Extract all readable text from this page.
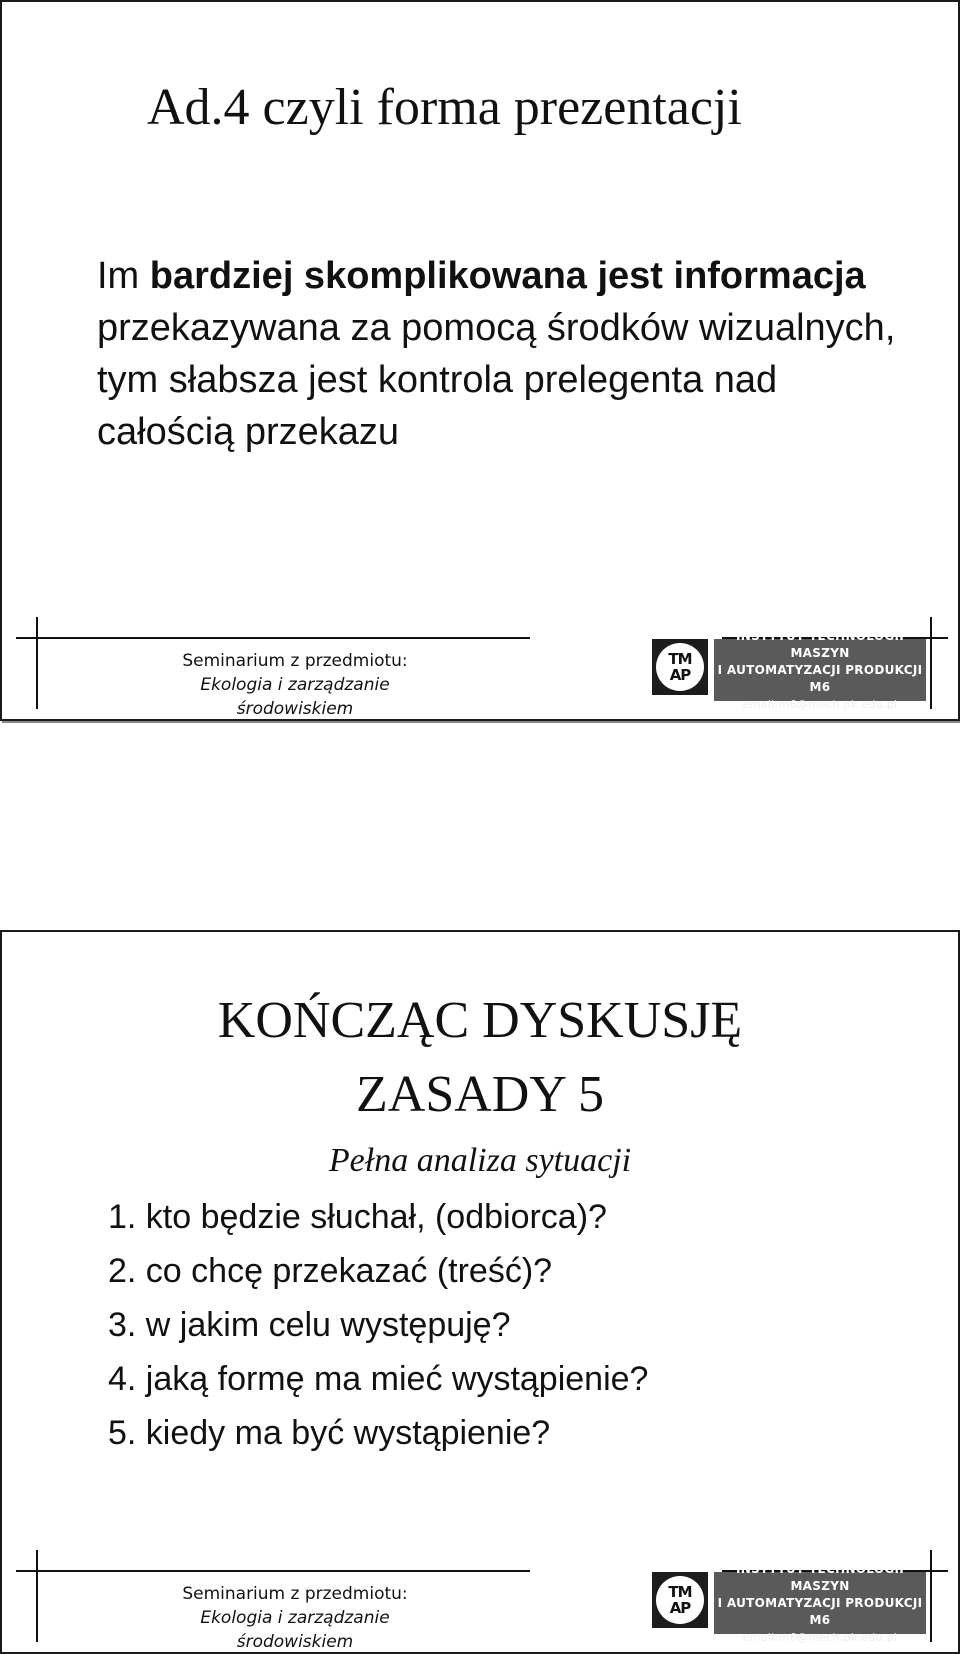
Ad.4 czyli forma prezentacji
Im bardziej skomplikowana jest informacja przekazywana za pomocą środków wizualnych, tym słabsza jest kontrola prelegenta nad całością przekazu
Seminarium z przedmiotu:
Ekologia i zarządzanie środowiskiem
TM
AP
INSTYTUT TECHNOLOGII MASZYN
I AUTOMATYZACJI PRODUKCJI M6
email:m6@mech.pk.edu.pl
KOŃCZĄC DYSKUSJĘ
ZASADY 5
Pełna analiza sytuacji
1. kto będzie słuchał, (odbiorca)?
2. co chcę przekazać (treść)?
3. w jakim celu występuję?
4. jaką formę ma mieć wystąpienie?
5. kiedy ma być wystąpienie?
Seminarium z przedmiotu:
Ekologia i zarządzanie środowiskiem
TM
AP
INSTYTUT TECHNOLOGII MASZYN
I AUTOMATYZACJI PRODUKCJI M6
email:m6@mech.pk.edu.pl
